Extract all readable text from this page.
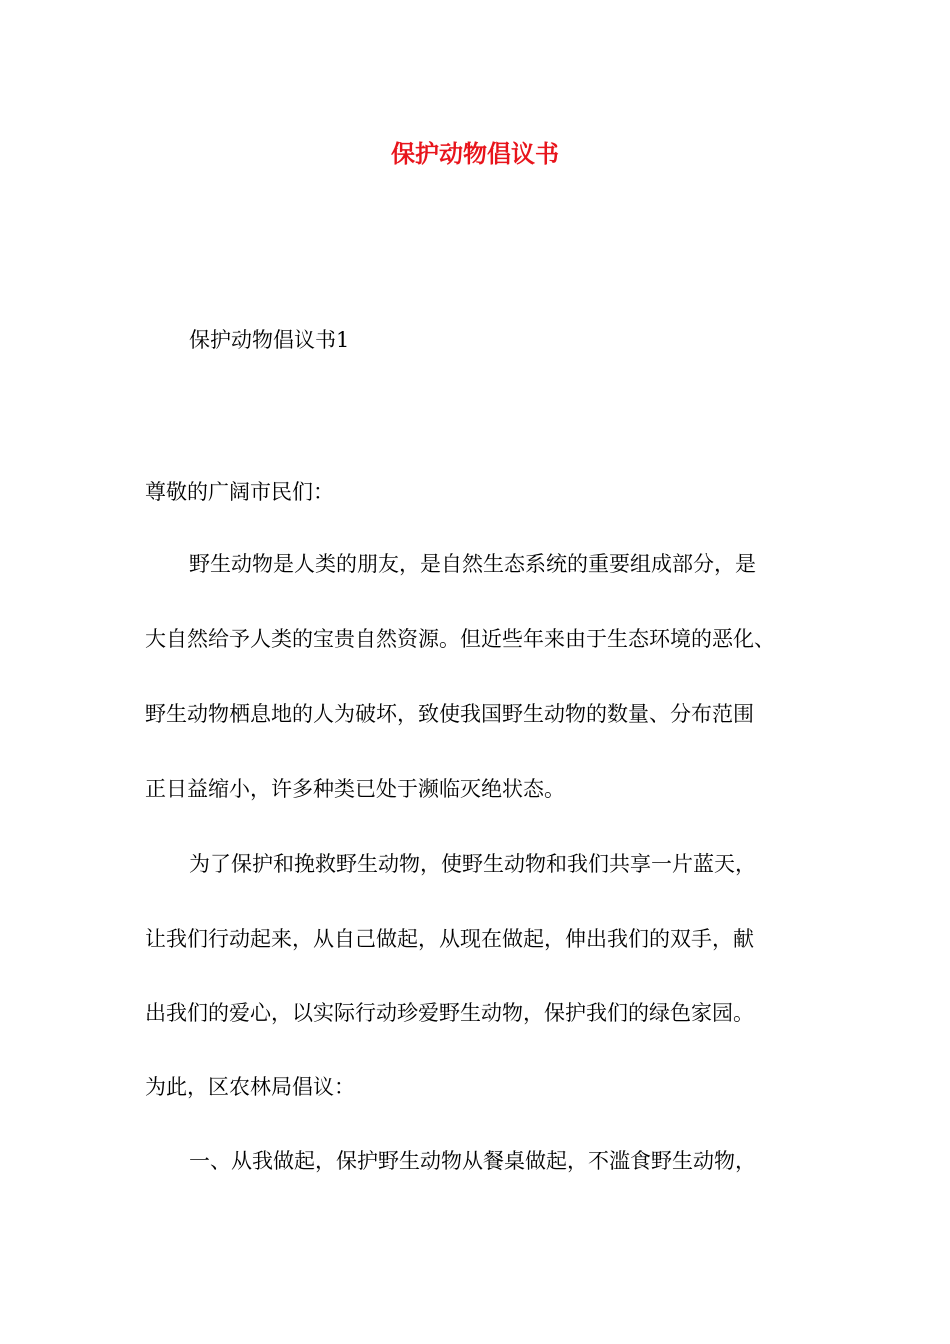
保护动物倡议书
保护动物倡议书1
尊敬的广阔市民们：
野生动物是人类的朋友，是自然生态系统的重要组成部分，是
大自然给予人类的宝贵自然资源。但近些年来由于生态环境的恶化、
野生动物栖息地的人为破坏，致使我国野生动物的数量、分布范围
正日益缩小，许多种类已处于濒临灭绝状态。
为了保护和挽救野生动物，使野生动物和我们共享一片蓝天，
让我们行动起来，从自己做起，从现在做起，伸出我们的双手，献
出我们的爱心，以实际行动珍爱野生动物，保护我们的绿色家园。
为此，区农林局倡议：
一、从我做起，保护野生动物从餐桌做起，不滥食野生动物，
